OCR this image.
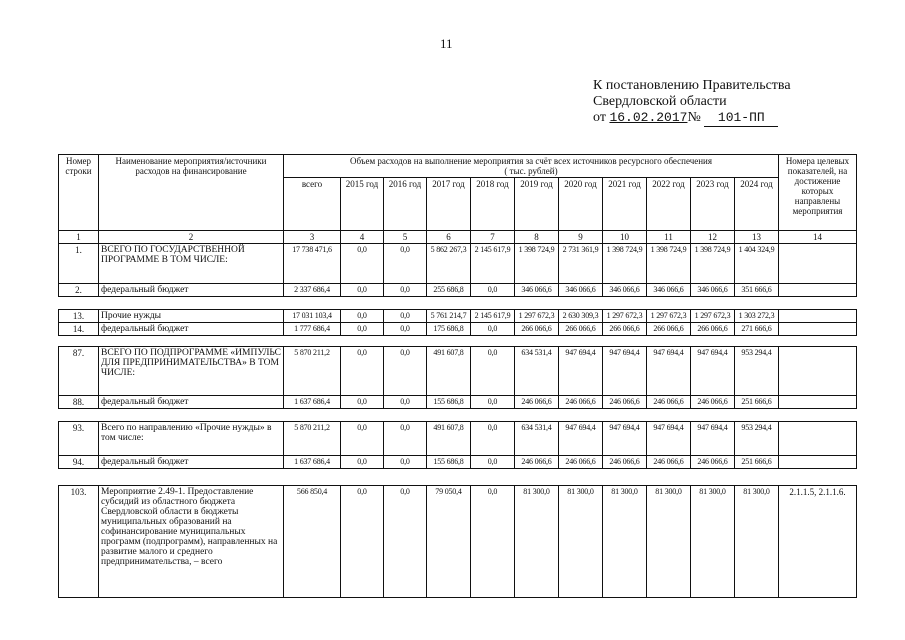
11
К постановлению Правительства
Свердловской области
от 16.02.2017№ 101-ПП
Номер строки	Наименование мероприятия/источники расходов на финансирование	Объем расходов на выполнение мероприятия за счёт всех источников ресурсного обеспечения
( тыс. рублей)											Номера целевых показателей, на достижение которых направлены мероприятия
		всего	2015 год	2016 год	2017 год	2018 год	2019 год	2020 год	2021 год	2022 год	2023 год	2024 год	
1	2	3	4	5	6	7	8	9	10	11	12	13	14
1.	ВСЕГО ПО ГОСУДАРСТВЕННОЙ ПРОГРАММЕ В ТОМ ЧИСЛЕ:	17 738 471,6	0,0	0,0	5 862 267,3	2 145 617,9	1 398 724,9	2 731 361,9	1 398 724,9	1 398 724,9	1 398 724,9	1 404 324,9	
2.	федеральный бюджет	2 337 686,4	0,0	0,0	255 686,8	0,0	346 066,6	346 066,6	346 066,6	346 066,6	346 066,6	351 666,6	
13.	Прочие нужды	17 031 103,4	0,0	0,0	5 761 214,7	2 145 617,9	1 297 672,3	2 630 309,3	1 297 672,3	1 297 672,3	1 297 672,3	1 303 272,3	
14.	федеральный бюджет	1 777 686,4	0,0	0,0	175 686,8	0,0	266 066,6	266 066,6	266 066,6	266 066,6	266 066,6	271 666,6	
87.	ВСЕГО ПО ПОДПРОГРАММЕ «ИМПУЛЬС ДЛЯ ПРЕДПРИНИМАТЕЛЬСТВА» В ТОМ ЧИСЛЕ:	5 870 211,2	0,0	0,0	491 607,8	0,0	634 531,4	947 694,4	947 694,4	947 694,4	947 694,4	953 294,4	
88.	федеральный бюджет	1 637 686,4	0,0	0,0	155 686,8	0,0	246 066,6	246 066,6	246 066,6	246 066,6	246 066,6	251 666,6	
93.	Всего по направлению «Прочие нужды» в том числе:	5 870 211,2	0,0	0,0	491 607,8	0,0	634 531,4	947 694,4	947 694,4	947 694,4	947 694,4	953 294,4	
94.	федеральный бюджет	1 637 686,4	0,0	0,0	155 686,8	0,0	246 066,6	246 066,6	246 066,6	246 066,6	246 066,6	251 666,6	
103.	Мероприятие 2.49-1. Предоставление субсидий из областного бюджета Свердловской области в бюджеты муниципальных образований на софинансирование муниципальных программ (подпрограмм), направленных на развитие малого и среднего предпринимательства, – всего	566 850,4	0,0	0,0	79 050,4	0,0	81 300,0	81 300,0	81 300,0	81 300,0	81 300,0	81 300,0	2.1.1.5, 2.1.1.6.
